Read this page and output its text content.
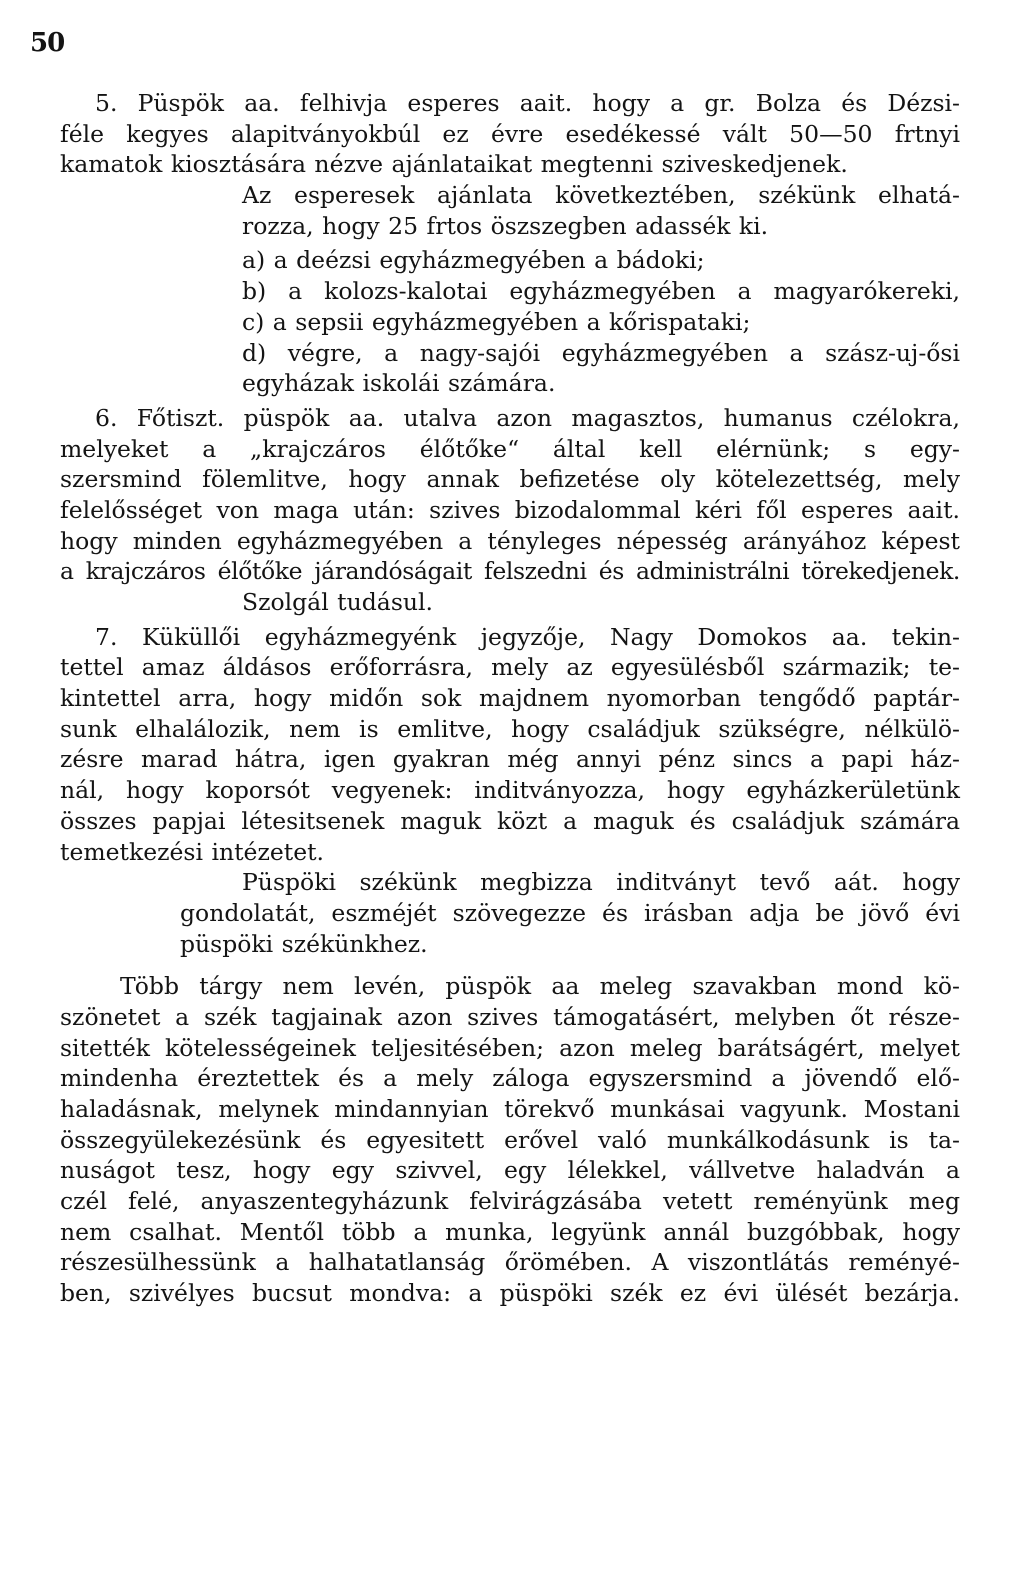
50
5. Püspök aa. felhivja esperes aait. hogy a gr. Bolza és Dézsi-
féle kegyes alapitványokbúl ez évre esedékessé vált 50—50 frtnyi
kamatok kiosztására nézve ajánlataikat megtenni sziveskedjenek.
Az esperesek ajánlata következtében, székünk elhatá-
rozza, hogy 25 frtos öszszegben adassék ki.
a) a deézsi egyházmegyében a bádoki;
b) a kolozs-kalotai egyházmegyében a magyarókereki,
c) a sepsii egyházmegyében a kőrispataki;
d) végre, a nagy-sajói egyházmegyében a szász-uj-ősi
egyházak iskolái számára.
6. Főtiszt. püspök aa. utalva azon magasztos, humanus czélokra,
melyeket a „krajczáros élőtőke“ által kell elérnünk; s egy-
szersmind fölemlitve, hogy annak befizetése oly kötelezettség, mely
felelősséget von maga után: szives bizodalommal kéri fől esperes aait.
hogy minden egyházmegyében a tényleges népesség arányához képest
a krajczáros élőtőke járandóságait felszedni és administrálni törekedjenek.
Szolgál tudásul.
7. Küküllői egyházmegyénk jegyzője, Nagy Domokos aa. tekin-
tettel amaz áldásos erőforrásra, mely az egyesülésből származik; te-
kintettel arra, hogy midőn sok majdnem nyomorban tengődő paptár-
sunk elhalálozik, nem is emlitve, hogy családjuk szükségre, nélkülö-
zésre marad hátra, igen gyakran még annyi pénz sincs a papi ház-
nál, hogy koporsót vegyenek: inditványozza, hogy egyházkerületünk
összes papjai létesitsenek maguk közt a maguk és családjuk számára
temetkezési intézetet.
Püspöki székünk megbizza inditványt tevő aát. hogy
gondolatát, eszméjét szövegezze és irásban adja be jövő évi
püspöki székünkhez.
Több tárgy nem levén, püspök aa meleg szavakban mond kö-
szönetet a szék tagjainak azon szives támogatásért, melyben őt része-
sitették kötelességeinek teljesitésében; azon meleg barátságért, melyet
mindenha éreztettek és a mely záloga egyszersmind a jövendő elő-
haladásnak, melynek mindannyian törekvő munkásai vagyunk. Mostani
összegyülekezésünk és egyesitett erővel való munkálkodásunk is ta-
nuságot tesz, hogy egy szivvel, egy lélekkel, vállvetve haladván a
czél felé, anyaszentegyházunk felvirágzásába vetett reményünk meg
nem csalhat. Mentől több a munka, legyünk annál buzgóbbak, hogy
részesülhessünk a halhatatlanság őrömében. A viszontlátás reményé-
ben, szivélyes bucsut mondva: a püspöki szék ez évi ülését bezárja.
